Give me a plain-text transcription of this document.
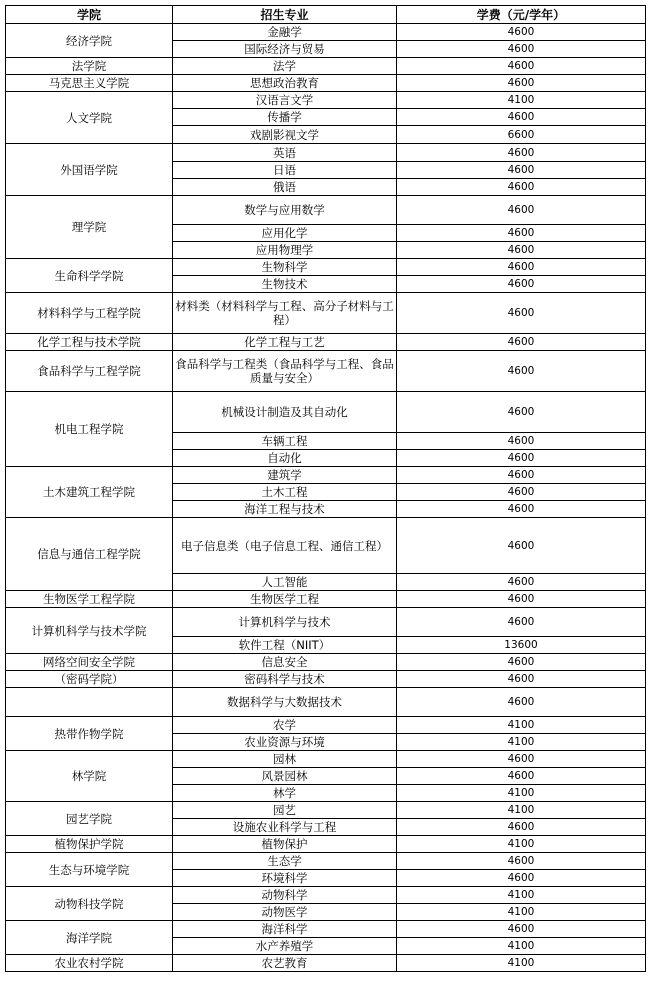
学院	招生专业	学费（元/学年）
经济学院	金融学	4600
	国际经济与贸易	4600
法学院	法学	4600
马克思主义学院	思想政治教育	4600
人文学院	汉语言文学	4100
	传播学	4600
	戏剧影视文学	6600
外国语学院	英语	4600
	日语	4600
	俄语	4600
理学院	数学与应用数学	4600
	应用化学	4600
	应用物理学	4600
生命科学学院	生物科学	4600
	生物技术	4600
材料科学与工程学院	材料类（材料科学与工程、高分子材料与工程）	4600
化学工程与技术学院	化学工程与工艺	4600
食品科学与工程学院	食品科学与工程类（食品科学与工程、食品质量与安全）	4600
机电工程学院	机械设计制造及其自动化	4600
	车辆工程	4600
	自动化	4600
土木建筑工程学院	建筑学	4600
	土木工程	4600
	海洋工程与技术	4600
信息与通信工程学院	电子信息类（电子信息工程、通信工程）	4600
	人工智能	4600
生物医学工程学院	生物医学工程	4600
计算机科学与技术学院	计算机科学与技术	4600
	软件工程（NIIT）	13600
网络空间安全学院	信息安全	4600
（密码学院）	密码科学与技术	4600
	数据科学与大数据技术	4600
热带作物学院	农学	4100
	农业资源与环境	4100
林学院	园林	4600
	风景园林	4600
	林学	4100
园艺学院	园艺	4100
	设施农业科学与工程	4600
植物保护学院	植物保护	4100
生态与环境学院	生态学	4600
	环境科学	4600
动物科技学院	动物科学	4100
	动物医学	4100
海洋学院	海洋科学	4600
	水产养殖学	4100
农业农村学院	农艺教育	4100
